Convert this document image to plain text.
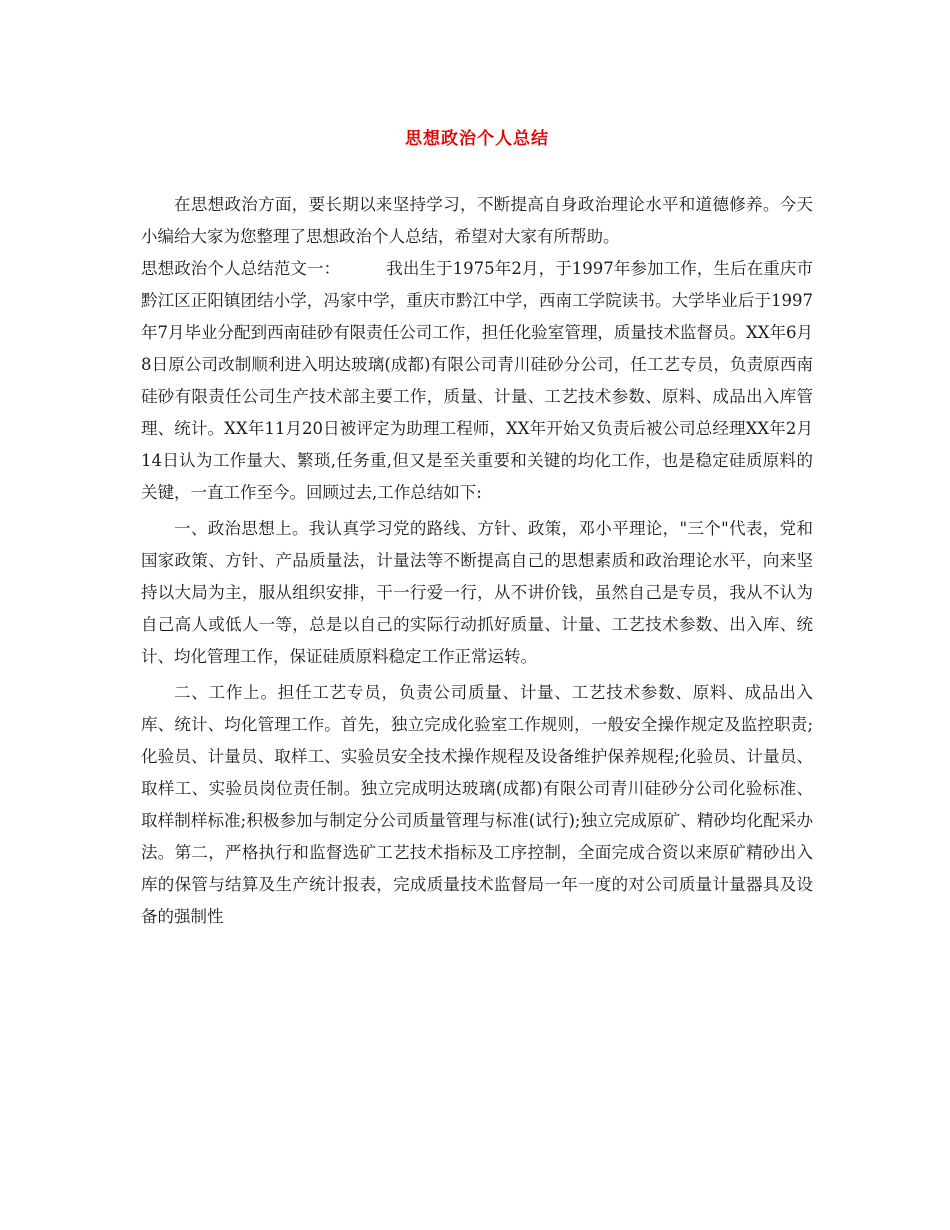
思想政治个人总结

在思想政治方面，要长期以来坚持学习，不断提高自身政治理论水平和道德修养。今天小编给大家为您整理了思想政治个人总结，希望对大家有所帮助。

思想政治个人总结范文一：	我出生于1975年2月，于1997年参加工作，生后在重庆市黔江区正阳镇团结小学，冯家中学，重庆市黔江中学，西南工学院读书。大学毕业后于1997年7月毕业分配到西南硅砂有限责任公司工作，担任化验室管理，质量技术监督员。XX年6月8日原公司改制顺利进入明达玻璃(成都)有限公司青川硅砂分公司，任工艺专员，负责原西南硅砂有限责任公司生产技术部主要工作，质量、计量、工艺技术参数、原料、成品出入库管理、统计。XX年11月20日被评定为助理工程师，XX年开始又负责后被公司总经理XX年2月14日认为工作量大、繁琐,任务重,但又是至关重要和关键的均化工作，也是稳定硅质原料的关键，一直工作至今。回顾过去,工作总结如下:

一、政治思想上。我认真学习党的路线、方针、政策，邓小平理论，"三个"代表，党和国家政策、方针、产品质量法，计量法等不断提高自己的思想素质和政治理论水平，向来坚持以大局为主，服从组织安排，干一行爱一行，从不讲价钱，虽然自己是专员，我从不认为自己高人或低人一等，总是以自己的实际行动抓好质量、计量、工艺技术参数、出入库、统计、均化管理工作，保证硅质原料稳定工作正常运转。

二、工作上。担任工艺专员，负责公司质量、计量、工艺技术参数、原料、成品出入库、统计、均化管理工作。首先，独立完成化验室工作规则，一般安全操作规定及监控职责;化验员、计量员、取样工、实验员安全技术操作规程及设备维护保养规程;化验员、计量员、取样工、实验员岗位责任制。独立完成明达玻璃(成都)有限公司青川硅砂分公司化验标准、取样制样标准;积极参加与制定分公司质量管理与标准(试行);独立完成原矿、精砂均化配采办法。第二，严格执行和监督选矿工艺技术指标及工序控制，全面完成合资以来原矿精砂出入库的保管与结算及生产统计报表，完成质量技术监督局一年一度的对公司质量计量器具及设备的强制性
